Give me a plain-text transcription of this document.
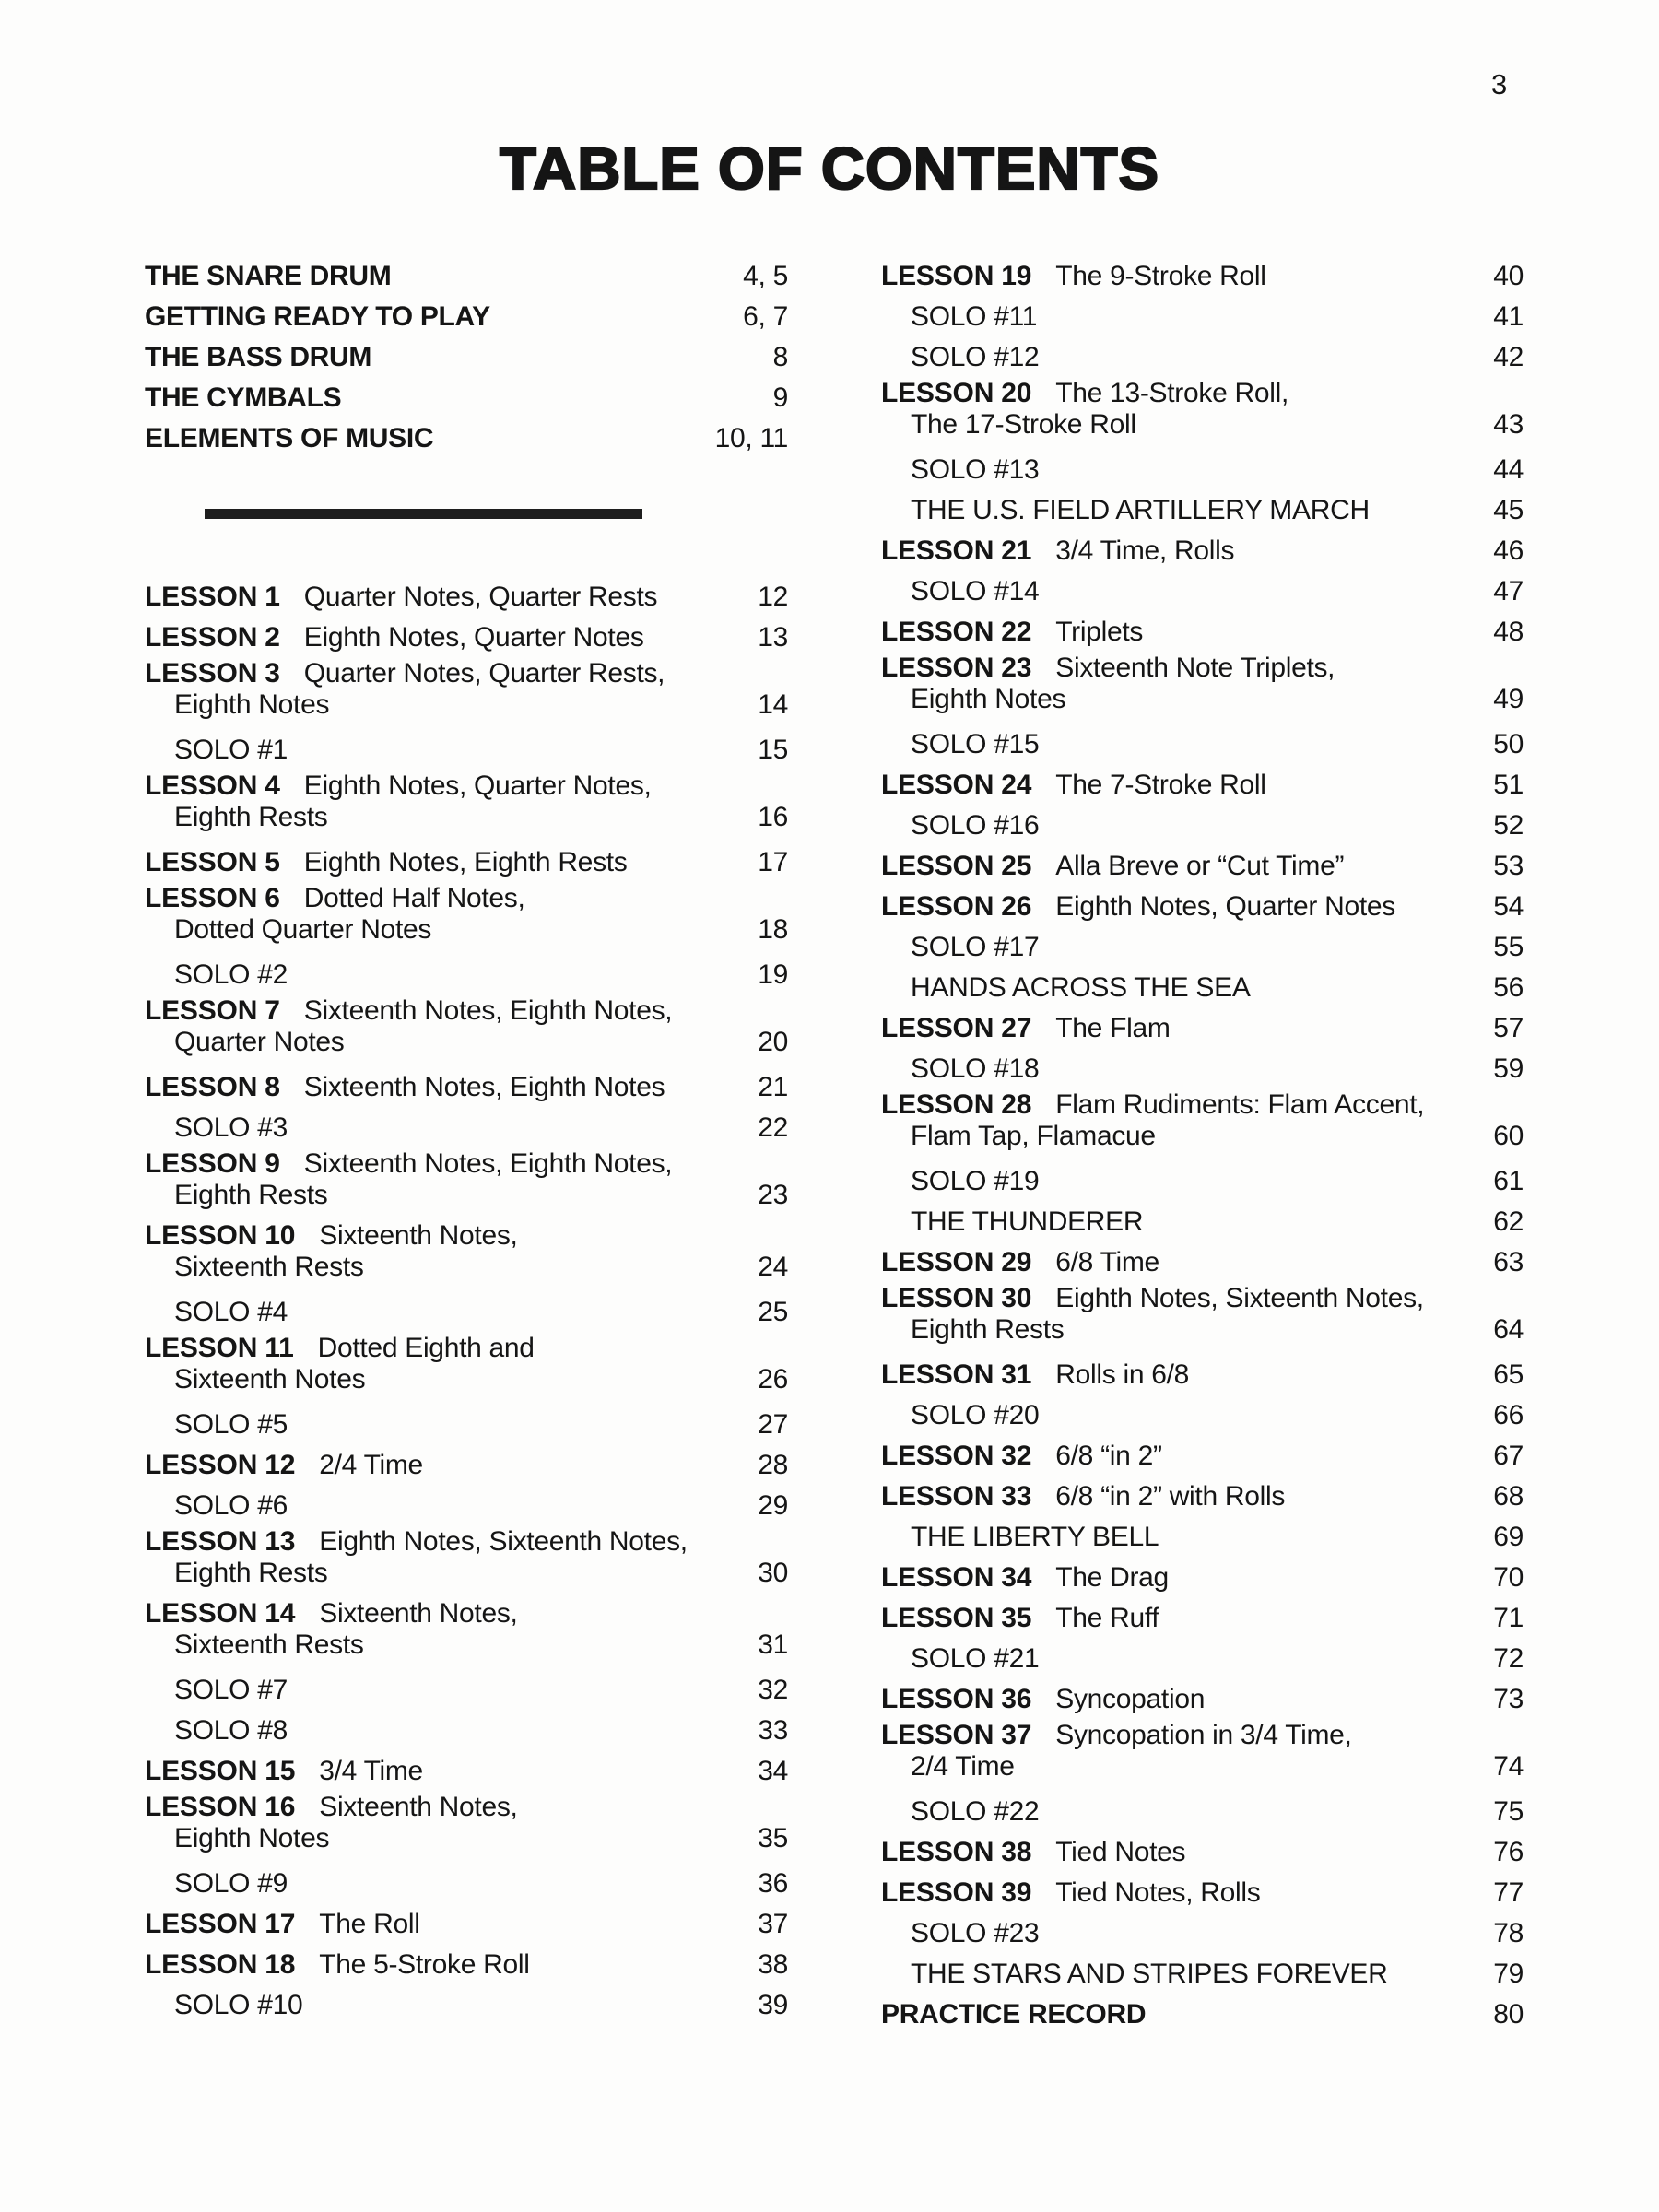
3
TABLE OF CONTENTS
THE SNARE DRUM	4, 5
GETTING READY TO PLAY	6, 7
THE BASS DRUM	8
THE CYMBALS	9
ELEMENTS OF MUSIC	10, 11
LESSON 1 Quarter Notes, Quarter Rests	12
LESSON 2 Eighth Notes, Quarter Notes	13
LESSON 3 Quarter Notes, Quarter Rests,
Eighth Notes	14
SOLO #1	15
LESSON 4 Eighth Notes, Quarter Notes,
Eighth Rests	16
LESSON 5 Eighth Notes, Eighth Rests	17
LESSON 6 Dotted Half Notes,
Dotted Quarter Notes	18
SOLO #2	19
LESSON 7 Sixteenth Notes, Eighth Notes,
Quarter Notes	20
LESSON 8 Sixteenth Notes, Eighth Notes	21
SOLO #3	22
LESSON 9 Sixteenth Notes, Eighth Notes,
Eighth Rests	23
LESSON 10 Sixteenth Notes,
Sixteenth Rests	24
SOLO #4	25
LESSON 11 Dotted Eighth and
Sixteenth Notes	26
SOLO #5	27
LESSON 12 2/4 Time	28
SOLO #6	29
LESSON 13 Eighth Notes, Sixteenth Notes,
Eighth Rests	30
LESSON 14 Sixteenth Notes,
Sixteenth Rests	31
SOLO #7	32
SOLO #8	33
LESSON 15 3/4 Time	34
LESSON 16 Sixteenth Notes,
Eighth Notes	35
SOLO #9	36
LESSON 17 The Roll	37
LESSON 18 The 5-Stroke Roll	38
SOLO #10	39
LESSON 19 The 9-Stroke Roll	40
SOLO #11	41
SOLO #12	42
LESSON 20 The 13-Stroke Roll,
The 17-Stroke Roll	43
SOLO #13	44
THE U.S. FIELD ARTILLERY MARCH	45
LESSON 21 3/4 Time, Rolls	46
SOLO #14	47
LESSON 22 Triplets	48
LESSON 23 Sixteenth Note Triplets,
Eighth Notes	49
SOLO #15	50
LESSON 24 The 7-Stroke Roll	51
SOLO #16	52
LESSON 25 Alla Breve or “Cut Time”	53
LESSON 26 Eighth Notes, Quarter Notes	54
SOLO #17	55
HANDS ACROSS THE SEA	56
LESSON 27 The Flam	57
SOLO #18	59
LESSON 28 Flam Rudiments: Flam Accent,
Flam Tap, Flamacue	60
SOLO #19	61
THE THUNDERER	62
LESSON 29 6/8 Time	63
LESSON 30 Eighth Notes, Sixteenth Notes,
Eighth Rests	64
LESSON 31 Rolls in 6/8	65
SOLO #20	66
LESSON 32 6/8 “in 2”	67
LESSON 33 6/8 “in 2” with Rolls	68
THE LIBERTY BELL	69
LESSON 34 The Drag	70
LESSON 35 The Ruff	71
SOLO #21	72
LESSON 36 Syncopation	73
LESSON 37 Syncopation in 3/4 Time,
2/4 Time	74
SOLO #22	75
LESSON 38 Tied Notes	76
LESSON 39 Tied Notes, Rolls	77
SOLO #23	78
THE STARS AND STRIPES FOREVER	79
PRACTICE RECORD	80
